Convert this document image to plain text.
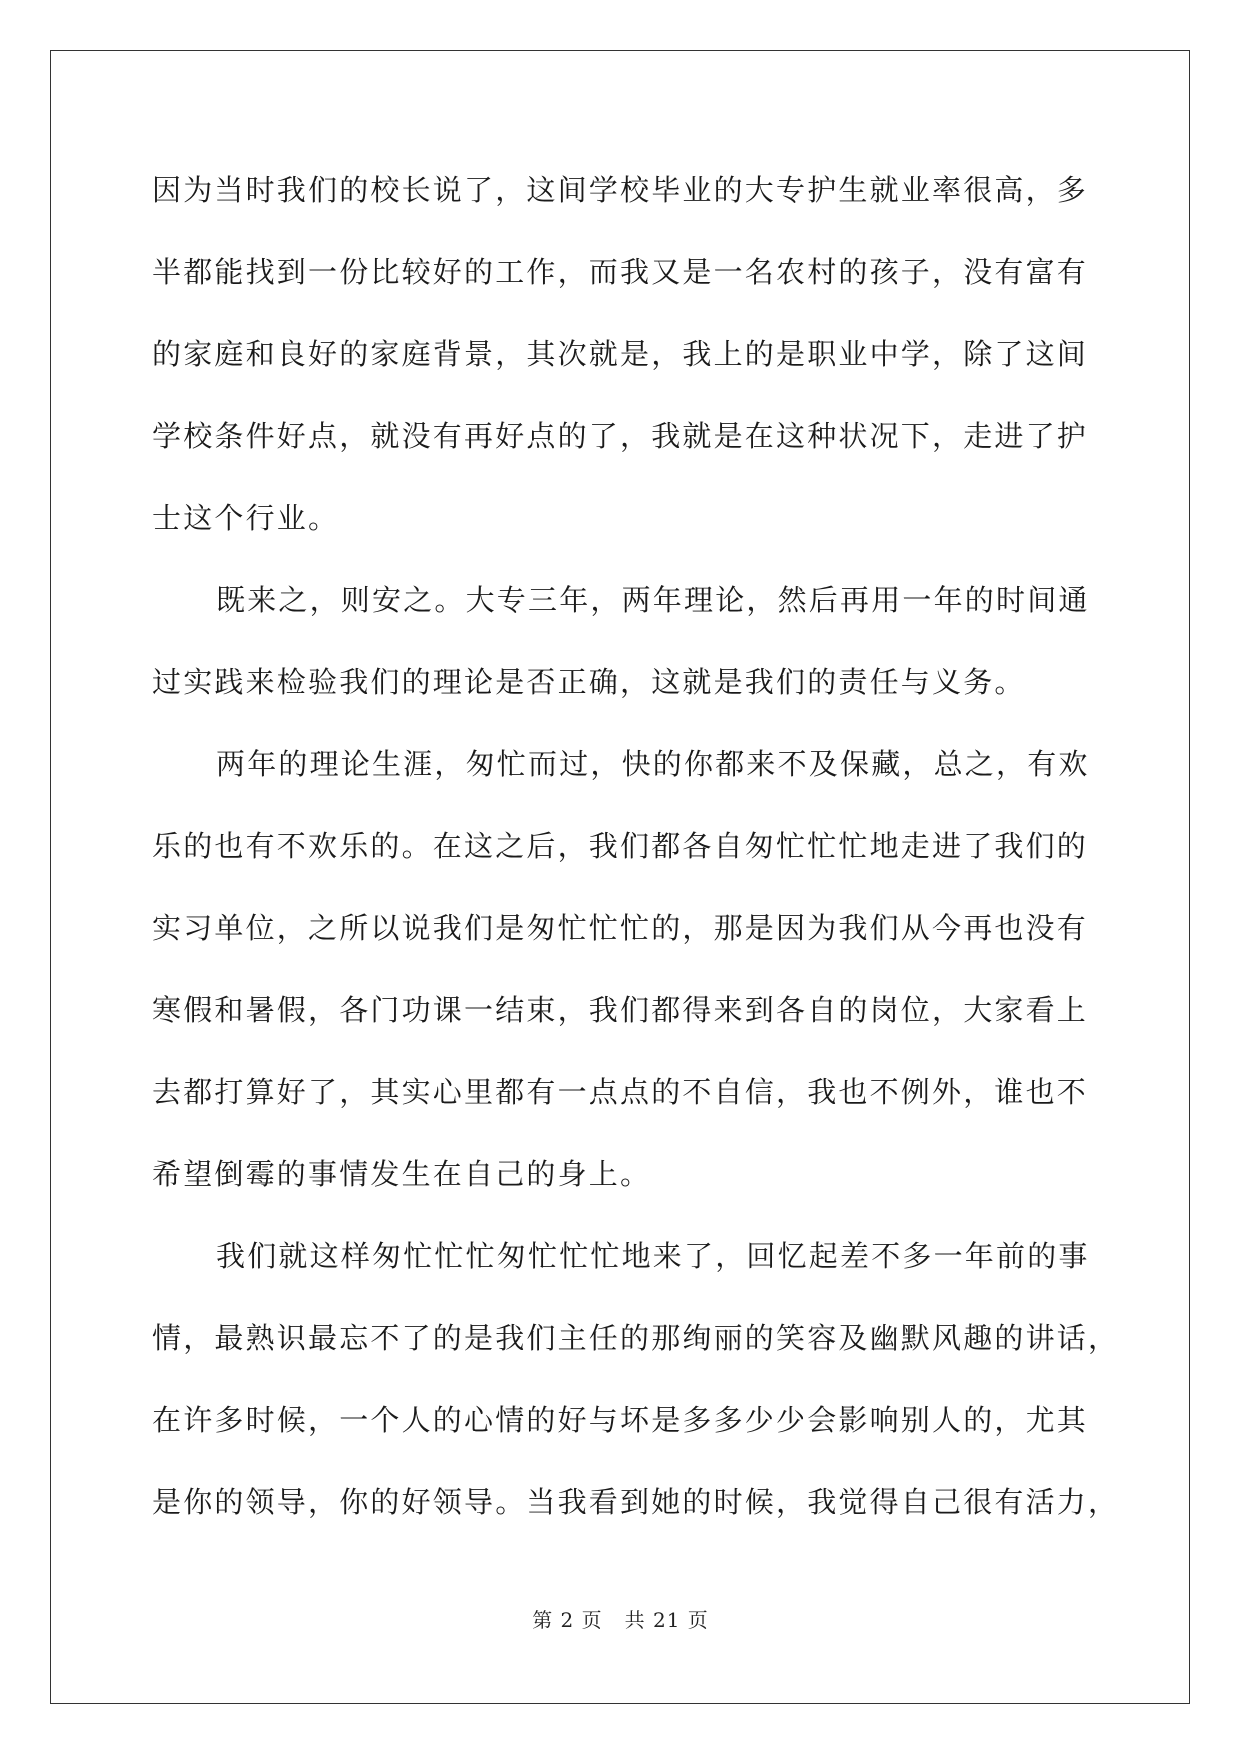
因为当时我们的校长说了，这间学校毕业的大专护生就业率很高，多
半都能找到一份比较好的工作，而我又是一名农村的孩子，没有富有
的家庭和良好的家庭背景，其次就是，我上的是职业中学，除了这间
学校条件好点，就没有再好点的了，我就是在这种状况下，走进了护
士这个行业。
既来之，则安之。大专三年，两年理论，然后再用一年的时间通
过实践来检验我们的理论是否正确，这就是我们的责任与义务。
两年的理论生涯，匆忙而过，快的你都来不及保藏，总之，有欢
乐的也有不欢乐的。在这之后，我们都各自匆忙忙忙地走进了我们的
实习单位，之所以说我们是匆忙忙忙的，那是因为我们从今再也没有
寒假和暑假，各门功课一结束，我们都得来到各自的岗位，大家看上
去都打算好了，其实心里都有一点点的不自信，我也不例外，谁也不
希望倒霉的事情发生在自己的身上。
我们就这样匆忙忙忙匆忙忙忙地来了，回忆起差不多一年前的事
情，最熟识最忘不了的是我们主任的那绚丽的笑容及幽默风趣的讲话，
在许多时候，一个人的心情的好与坏是多多少少会影响别人的，尤其
是你的领导，你的好领导。当我看到她的时候，我觉得自己很有活力，
第 2 页 共 21 页
